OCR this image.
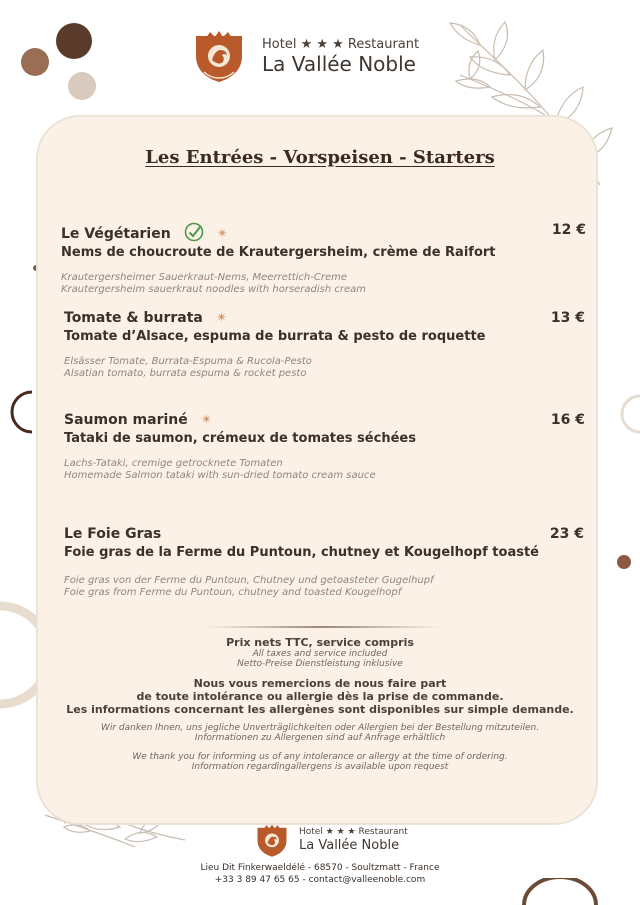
Hotel ★ ★ ★ Restaurant
La Vallée Noble
Les Entrées - Vorspeisen - Starters
Le Végétarien	✴
Nems de choucroute de Krautergersheim, crème de Raifort
Krautergersheimer Sauerkraut-Nems, Meerrettich-Creme
Krautergersheim sauerkraut noodles with horseradish cream
12 €
Tomate & burrata ✴
Tomate d’Alsace, espuma de burrata & pesto de roquette
Elsässer Tomate, Burrata-Espuma & Rucola-Pesto
Alsatian tomato, burrata espuma & rocket pesto
13 €
Saumon mariné ✴
Tataki de saumon, crémeux de tomates séchées
Lachs-Tataki, cremige getrocknete Tomaten
Homemade Salmon tataki with sun-dried tomato cream sauce
16 €
Le Foie Gras
Foie gras de la Ferme du Puntoun, chutney et Kougelhopf toasté
Foie gras von der Ferme du Puntoun, Chutney und getoasteter Gugelhupf
Foie gras from Ferme du Puntoun, chutney and toasted Kougelhopf
23 €
Prix nets TTC, service compris
All taxes and service included
Netto-Preise Dienstleistung inklusive
Nous vous remercions de nous faire part
de toute intolérance ou allergie dès la prise de commande.
Les informations concernant les allergènes sont disponibles sur simple demande.
Wir danken Ihnen, uns jegliche Unverträglichkeiten oder Allergien bei der Bestellung mitzuteilen.
Informationen zu Allergenen sind auf Anfrage erhältlich
We thank you for informing us of any intolerance or allergy at the time of ordering.
Information regardingallergens is available upon request
Hotel ★ ★ ★ Restaurant
La Vallée Noble
Lieu Dit Finkerwaeldélé - 68570 - Soultzmatt - France
+33 3 89 47 65 65 - contact@valleenoble.com
